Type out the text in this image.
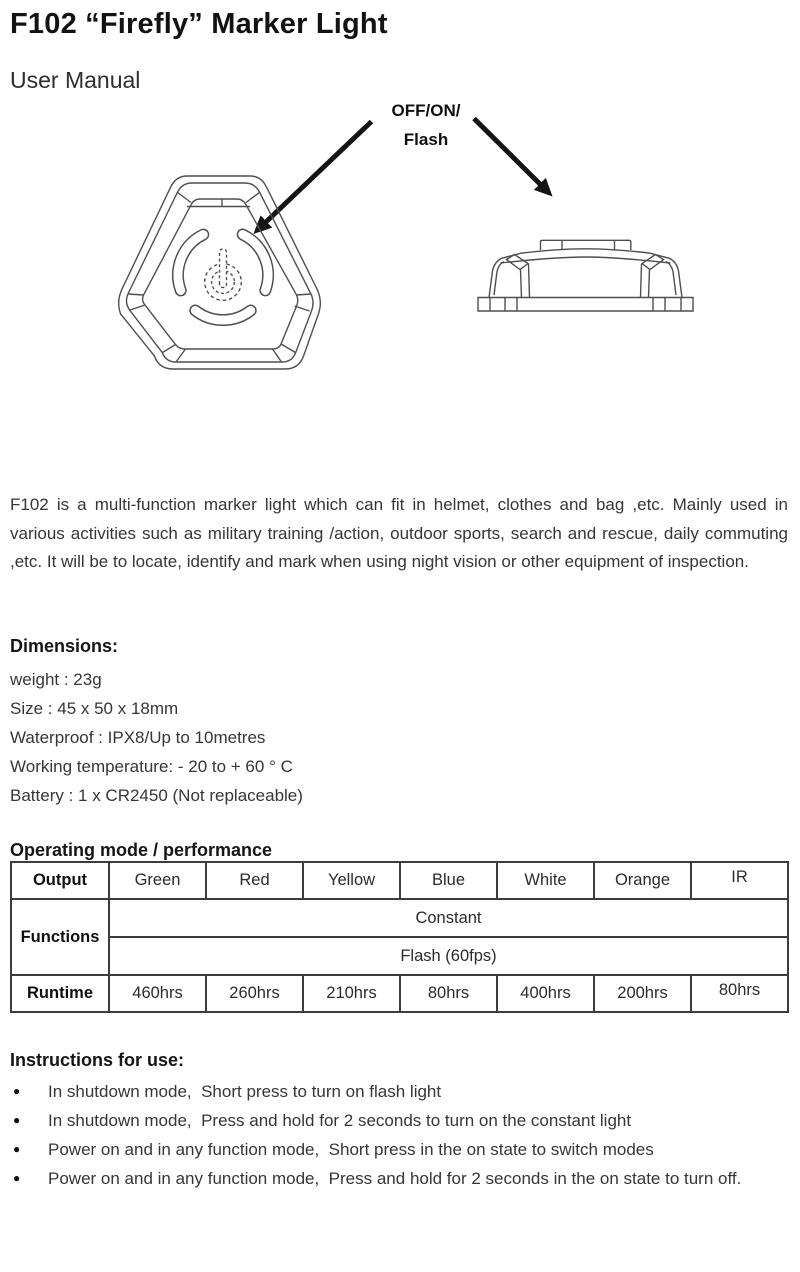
F102 “Firefly” Marker Light
User Manual
OFF/ON/
Flash

F102 is a multi-function marker light which can fit in helmet, clothes and bag ,etc. Mainly used in various activities such as military training /action, outdoor sports, search and rescue, daily commuting ,etc. It will be to locate, identify and mark when using night vision or other equipment of inspection.

Dimensions:
weight : 23g
Size : 45 x 50 x 18mm
Waterproof : IPX8/Up to 10metres
Working temperature: - 20 to + 60 ° C
Battery : 1 x CR2450 (Not replaceable)
Operating mode / performance
Output	Green	Red	Yellow	Blue	White	Orange	IR
Functions	Constant						
	Flash (60fps)						
Runtime	460hrs	260hrs	210hrs	80hrs	400hrs	200hrs	80hrs
Instructions for use:
●	In shutdown mode,  Short press to turn on flash light
●	In shutdown mode,  Press and hold for 2 seconds to turn on the constant light
●	Power on and in any function mode,  Short press in the on state to switch modes
●	Power on and in any function mode,  Press and hold for 2 seconds in the on state to turn off.
